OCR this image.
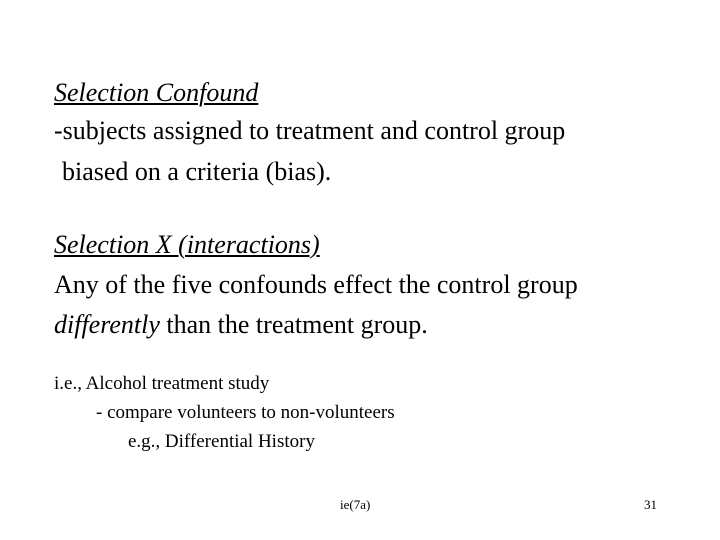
Selection Confound

-subjects assigned to treatment and control group

biased on a criteria (bias).

Selection X (interactions)

Any of the five confounds effect the control group

differently than the treatment group.

i.e., Alcohol treatment study

- compare volunteers to non-volunteers

e.g., Differential History

ie(7a)	31
